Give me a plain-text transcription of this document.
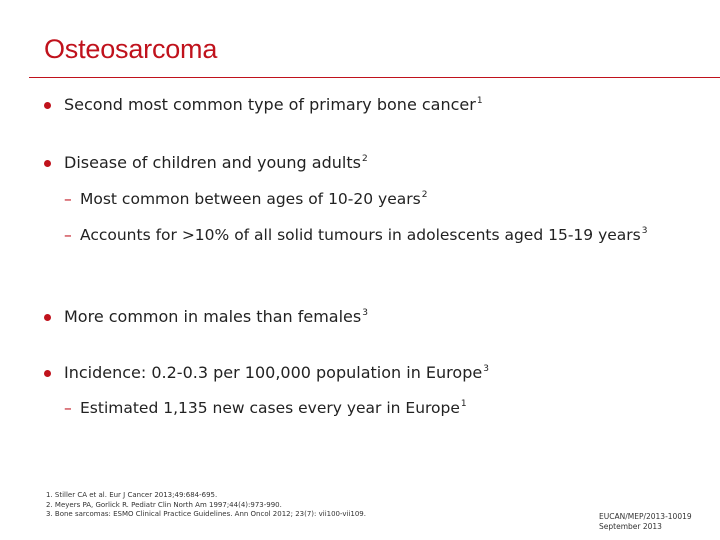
Osteosarcoma
Second most common type of primary bone cancer$^1$
Disease of children and young adults$^2$
– Most common between ages of 10-20 years$^2$
– Accounts for >10% of all solid tumours in adolescents aged 15-19 years$^3$
More common in males than females$^3$
Incidence: 0.2-0.3 per 100,000 population in Europe$^3$
– Estimated 1,135 new cases every year in Europe$^1$
1. Stiller CA et al. Eur J Cancer 2013;49:684-695.
2. Meyers PA, Gorlick R. Pediatr Clin North Am 1997;44(4):973-990.
3. Bone sarcomas: ESMO Clinical Practice Guidelines. Ann Oncol 2012; 23(7): vii100-vii109.	EUCAN/MEP/2013-10019
September 2013
